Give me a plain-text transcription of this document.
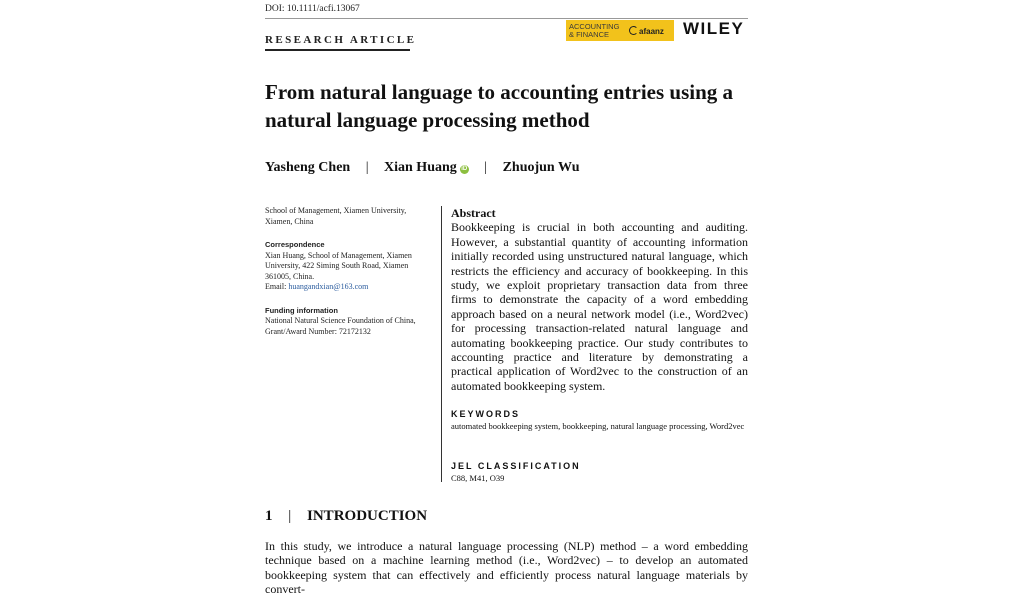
DOI: 10.1111/acfi.13067
RESEARCH ARTICLE
ACCOUNTING
& FINANCE	afaanz WILEY
From natural language to accounting entries using a natural language processing method
Yasheng Chen | Xian Huang iD | Zhuojun Wu
School of Management, Xiamen University, Xiamen, China
Correspondence
Xian Huang, School of Management, Xiamen University, 422 Siming South Road, Xiamen 361005, China.
Email: huangandxian@163.com
Funding information
National Natural Science Foundation of China, Grant/Award Number: 72172132
Abstract
Bookkeeping is crucial in both accounting and auditing. However, a substantial quantity of accounting information initially recorded using unstructured natural language, which restricts the efficiency and accuracy of bookkeeping. In this study, we exploit proprietary transaction data from three firms to demonstrate the capacity of a word embedding approach based on a neural network model (i.e., Word2vec) for processing transaction-related natural language and automating bookkeeping practice. Our study contributes to accounting practice and literature by demonstrating a practical application of Word2vec to the construction of an automated bookkeeping system.
KEYWORDS
automated bookkeeping system, bookkeeping, natural language processing, Word2vec
JEL CLASSIFICATION
C88, M41, O39
1 | INTRODUCTION
In this study, we introduce a natural language processing (NLP) method – a word embedding technique based on a machine learning method (i.e., Word2vec) – to develop an automated bookkeeping system that can effectively and efficiently process natural language materials by convert-
